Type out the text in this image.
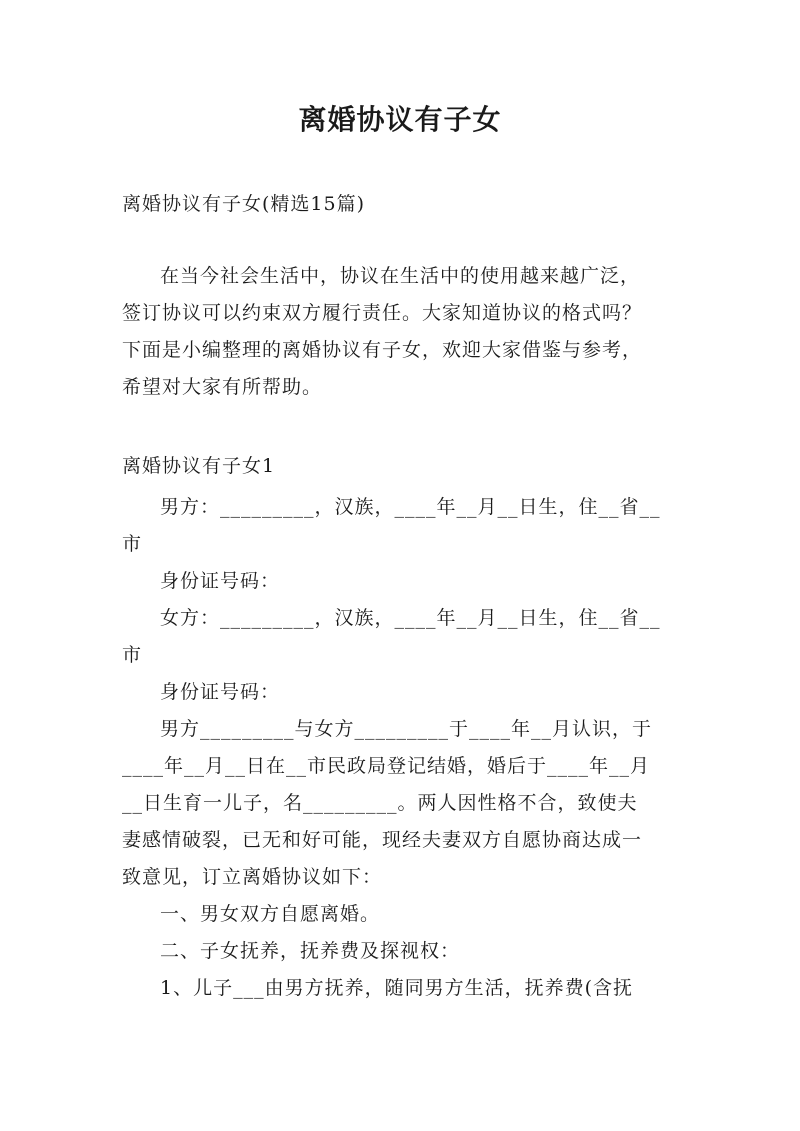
离婚协议有子女
离婚协议有子女(精选15篇)
在当今社会生活中，协议在生活中的使用越来越广泛，
签订协议可以约束双方履行责任。大家知道协议的格式吗？
下面是小编整理的离婚协议有子女，欢迎大家借鉴与参考，
希望对大家有所帮助。
离婚协议有子女1
男方：_________，汉族，____年__月__日生，住__省__
市
身份证号码：
女方：_________，汉族，____年__月__日生，住__省__
市
身份证号码：
男方_________与女方_________于____年__月认识，于
____年__月__日在__市民政局登记结婚，婚后于____年__月
__日生育一儿子，名_________。两人因性格不合，致使夫
妻感情破裂，已无和好可能，现经夫妻双方自愿协商达成一
致意见，订立离婚协议如下：
一、男女双方自愿离婚。
二、子女抚养，抚养费及探视权：
1、儿子___由男方抚养，随同男方生活，抚养费(含抚
